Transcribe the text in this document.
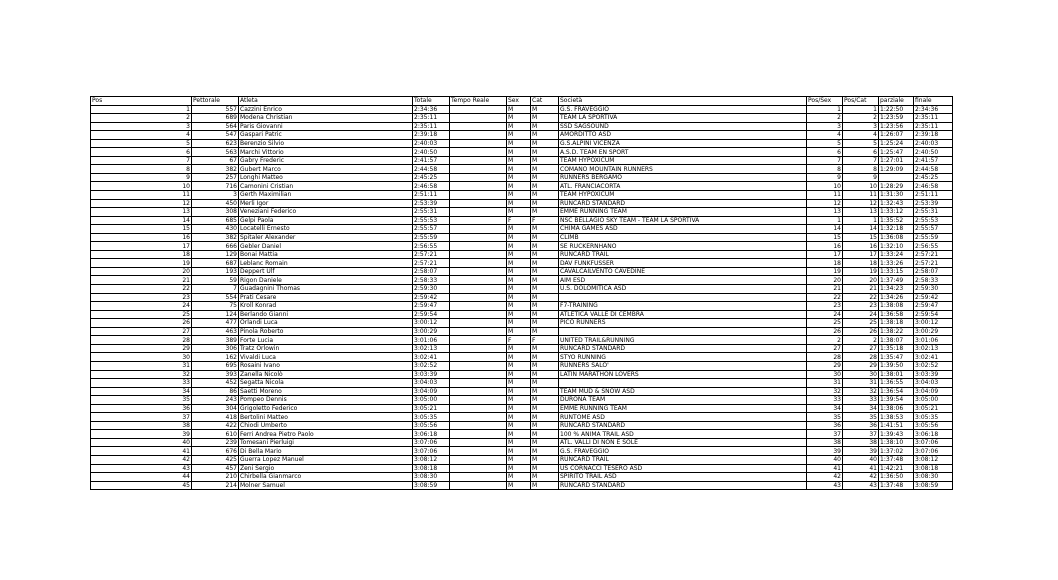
Pos	Pettorale	Atleta	Totale	Tempo Reale	Sex	Cat	Società	Pos/Sex	Pos/Cat	parziale	finale
1	557	Cazzini Enrico	2:34:36		M	M	G.S. FRAVEGGIO	1	1	1:22:50	2:34:36
2	689	Modena Christian	2:35:11		M	M	TEAM LA SPORTIVA	2	2	1:23:59	2:35:11
3	564	Paris Giovanni	2:35:11		M	M	SSD SAGSOUND	3	3	1:23:56	2:35:11
4	547	Gaspari Patric	2:39:18		M	M	AMORDITTO ASD	4	4	1:26:07	2:39:18
5	623	Berenzio Silvio	2:40:03		M	M	G.S.ALPINI VICENZA	5	5	1:25:24	2:40:03
6	563	Marchi Vittorio	2:40:50		M	M	A.S.D. TEAM EN SPORT	6	6	1:25:47	2:40:50
7	67	Gabry Frederic	2:41:57		M	M	TEAM HYPOXICUM	7	7	1:27:01	2:41:57
8	382	Gubert Marco	2:44:58		M	M	COMANO MOUNTAIN RUNNERS	8	8	1:29:09	2:44:58
9	257	Longhi Matteo	2:45:25		M	M	RUNNERS BERGAMO	9	9		2:45:25
10	716	Camonini Cristian	2:46:58		M	M	ATL. FRANCIACORTA	10	10	1:28:29	2:46:58
11	3	Gerth Maximilian	2:51:11		M	M	TEAM HYPOXICUM	11	11	1:31:30	2:51:11
12	450	Merli Igor	2:53:39		M	M	RUNCARD STANDARD	12	12	1:32:43	2:53:39
13	308	Veneziani Federico	2:55:31		M	M	EMME RUNNING TEAM	13	13	1:33:12	2:55:31
14	685	Gelpi Paola	2:55:53		F	F	NSC BELLAGIO SKY TEAM - TEAM LA SPORTIVA	1	1	1:35:52	2:55:53
15	430	Locatelli Ernesto	2:55:57		M	M	CHIMA GAMES ASD	14	14	1:32:18	2:55:57
16	382	Spitaler Alexander	2:55:59		M	M	CLIMB	15	15	1:36:08	2:55:59
17	666	Gebler Daniel	2:56:55		M	M	SE RUCKERNHANO	16	16	1:32:10	2:56:55
18	129	Bonai Mattia	2:57:21		M	M	RUNCARD TRAIL	17	17	1:33:24	2:57:21
19	687	Leblanc Romain	2:57:21		M	M	DAV FUNKFUSSER	18	18	1:33:26	2:57:21
20	193	Deppert Ulf	2:58:07		M	M	CAVALCAILVENTO CAVEDINE	19	19	1:33:15	2:58:07
21	59	Rigon Daniele	2:58:33		M	M	AIM ESD	20	20	1:37:49	2:58:33
22	7	Guadagnini Thomas	2:59:30		M	M	U.S. DOLOMITICA ASD	21	21	1:34:23	2:59:30
23	554	Prati Cesare	2:59:42		M	M		22	22	1:34:26	2:59:42
24	75	Kroll Konrad	2:59:47		M	M	F7-TRAINING	23	23	1:38:08	2:59:47
25	124	Berlando Gianni	2:59:54		M	M	ATLETICA VALLE DI CEMBRA	24	24	1:36:58	2:59:54
26	477	Orlandi Luca	3:00:12		M	M	PICO RUNNERS	25	25	1:38:18	3:00:12
27	463	Pinola Roberto	3:00:29		M	M		26	26	1:38:22	3:00:29
28	389	Forte Lucia	3:01:06		F	F	UNITED TRAIL&RUNNING	2	2	1:38:07	3:01:06
29	306	Tratz Orlowin	3:02:13		M	M	RUNCARD STANDARD	27	27	1:35:18	3:02:13
30	162	Vivaldi Luca	3:02:41		M	M	STYO RUNNING	28	28	1:35:47	3:02:41
31	695	Rosaini Ivano	3:02:52		M	M	RUNNERS SALO'	29	29	1:39:50	3:02:52
32	393	Zanella Nicolò	3:03:39		M	M	LATIN MARATHON LOVERS	30	30	1:38:01	3:03:39
33	452	Segatta Nicola	3:04:03		M	M		31	31	1:36:55	3:04:03
34	86	Saetti Moreno	3:04:09		M	M	TEAM MUD & SNOW ASD	32	32	1:36:54	3:04:09
35	243	Pompeo Dennis	3:05:00		M	M	DURONA TEAM	33	33	1:39:54	3:05:00
36	304	Grigoletto Federico	3:05:21		M	M	EMME RUNNING TEAM	34	34	1:38:06	3:05:21
37	418	Bertolini Matteo	3:05:35		M	M	RUNTOME ASD	35	35	1:38:53	3:05:35
38	422	Chiodi Umberto	3:05:56		M	M	RUNCARD STANDARD	36	36	1:41:51	3:05:56
39	610	Ferri Andrea Pietro Paolo	3:06:18		M	M	100 % ANIMA TRAIL ASD	37	37	1:39:43	3:06:18
40	239	Tomesani Pierluigi	3:07:06		M	M	ATL. VALLI DI NON E SOLE	38	38	1:38:10	3:07:06
41	676	Di Bella Mario	3:07:06		M	M	G.S. FRAVEGGIO	39	39	1:37:02	3:07:06
42	425	Guerra Lopez Manuel	3:08:12		M	M	RUNCARD TRAIL	40	40	1:37:48	3:08:12
43	457	Zeni Sergio	3:08:18		M	M	US CORNACCI TESERO ASD	41	41	1:42:21	3:08:18
44	210	Chirbella Gianmarco	3:08:30		M	M	SPIRITO TRAIL ASD	42	42	1:36:50	3:08:30
45	214	Molner Samuel	3:08:59		M	M	RUNCARD STANDARD	43	43	1:37:48	3:08:59
